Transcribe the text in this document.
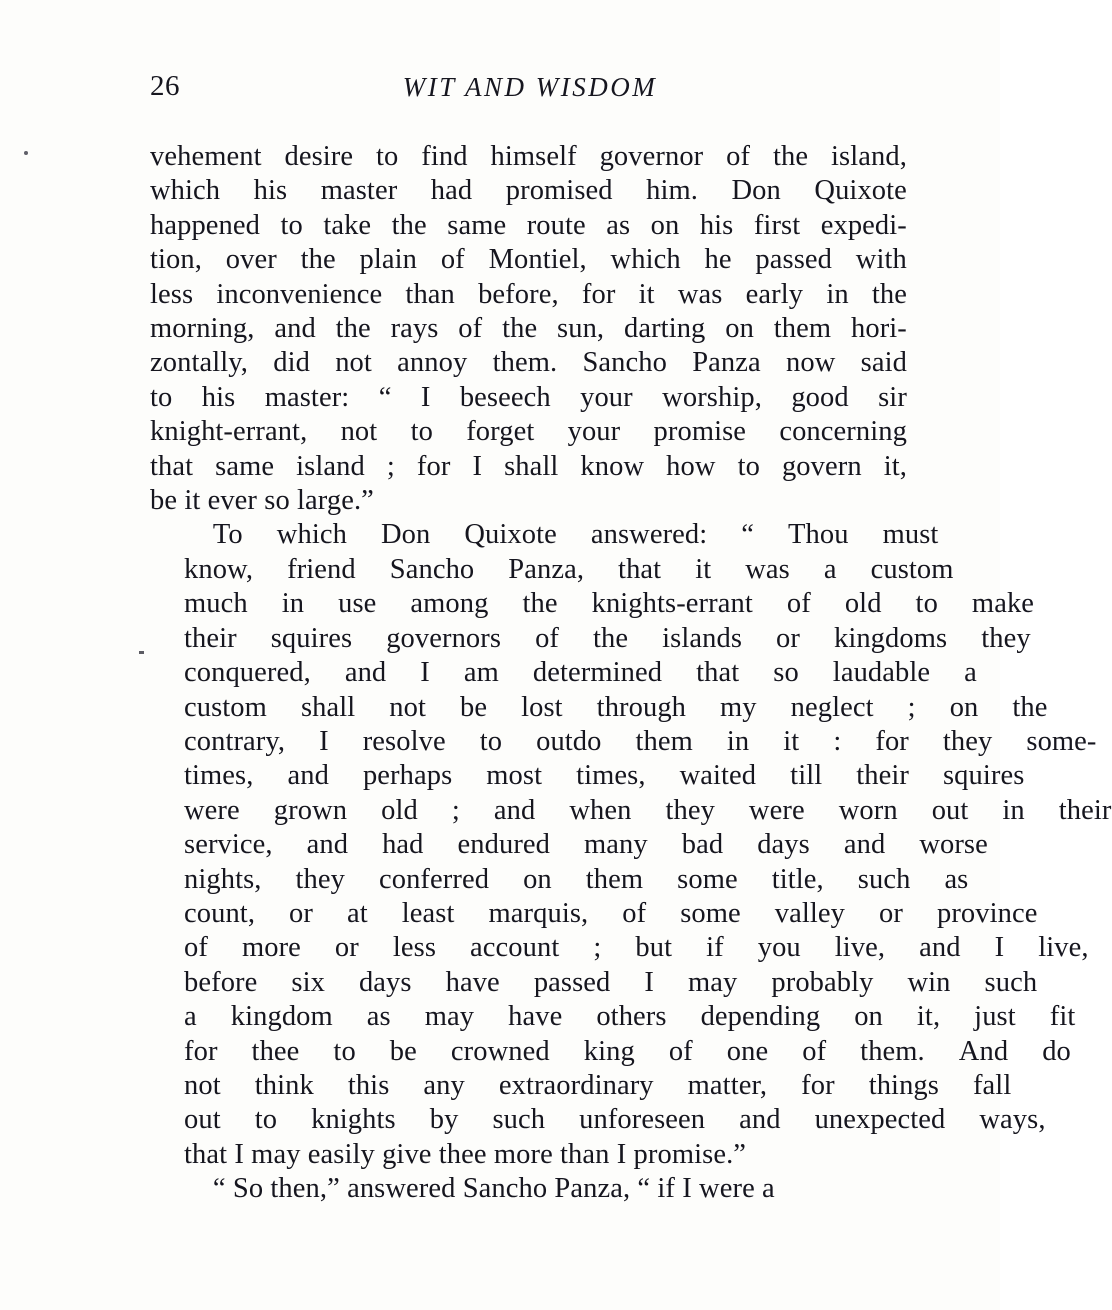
26	WIT AND WISDOM

vehement desire to find himself governor of the island,
which his master had promised him. Don Quixote
happened to take the same route as on his first expedi-
tion, over the plain of Montiel, which he passed with
less inconvenience than before, for it was early in the
morning, and the rays of the sun, darting on them hori-
zontally, did not annoy them. Sancho Panza now said
to his master: “ I beseech your worship, good sir
knight-errant, not to forget your promise concerning
that same island ; for I shall know how to govern it,
be it ever so large.”

To	which	Don	Quixote	answered:	“	Thou	must
know,	friend	Sancho	Panza,	that	it	was	a	custom
much	in	use	among	the	knights-errant	of	old	to	make
their	squires	governors	of	the	islands	or	kingdoms	they
conquered,	and	I	am	determined	that	so	laudable	a
custom	shall	not	be	lost	through	my	neglect	;	on	the
contrary,	I	resolve	to	outdo	them	in	it	:	for	they	some-
times,	and	perhaps	most	times,	waited	till	their	squires
were	grown	old	;	and	when	they	were	worn	out	in	their
service,	and	had	endured	many	bad	days	and	worse
nights,	they	conferred	on	them	some	title,	such	as
count,	or	at	least	marquis,	of	some	valley	or	province
of	more	or	less	account	;	but	if	you	live,	and	I	live,
before	six	days	have	passed	I	may	probably	win	such
a	kingdom	as	may	have	others	depending	on	it,	just	fit
for	thee	to	be	crowned	king	of	one	of	them.	And	do
not	think	this	any	extraordinary	matter,	for	things	fall
out	to	knights	by	such	unforeseen	and	unexpected	ways,
that I may easily give thee more than I promise.”

“ So then,” answered Sancho Panza, “ if I were a
